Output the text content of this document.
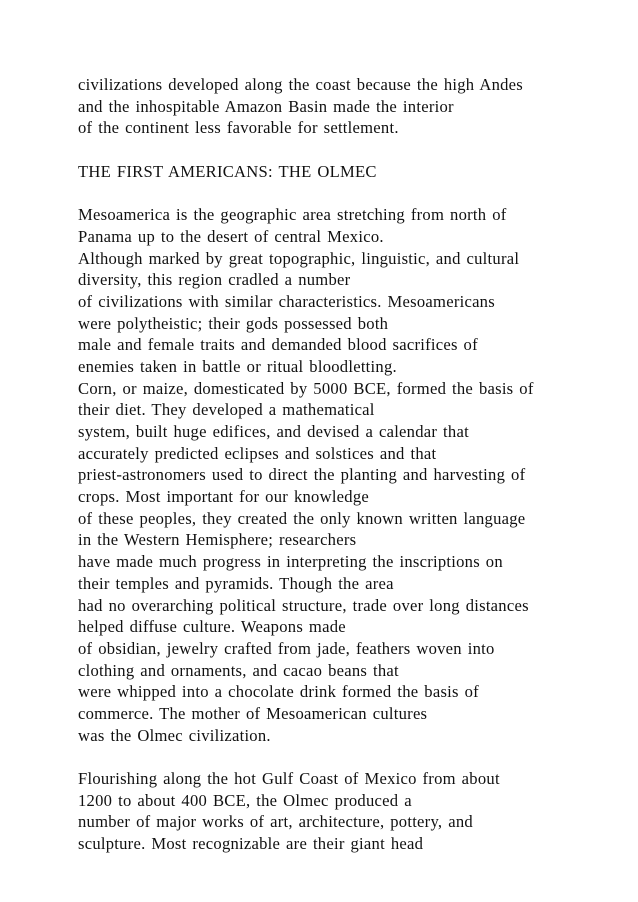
civilizations developed along the coast because the high Andes
and the inhospitable Amazon Basin made the interior
of the continent less favorable for settlement.
THE FIRST AMERICANS: THE OLMEC
Mesoamerica is the geographic area stretching from north of
Panama up to the desert of central Mexico.
Although marked by great topographic, linguistic, and cultural
diversity, this region cradled a number
of civilizations with similar characteristics. Mesoamericans
were polytheistic; their gods possessed both
male and female traits and demanded blood sacrifices of
enemies taken in battle or ritual bloodletting.
Corn, or maize, domesticated by 5000 BCE, formed the basis of
their diet. They developed a mathematical
system, built huge edifices, and devised a calendar that
accurately predicted eclipses and solstices and that
priest-astronomers used to direct the planting and harvesting of
crops. Most important for our knowledge
of these peoples, they created the only known written language
in the Western Hemisphere; researchers
have made much progress in interpreting the inscriptions on
their temples and pyramids. Though the area
had no overarching political structure, trade over long distances
helped diffuse culture. Weapons made
of obsidian, jewelry crafted from jade, feathers woven into
clothing and ornaments, and cacao beans that
were whipped into a chocolate drink formed the basis of
commerce. The mother of Mesoamerican cultures
was the Olmec civilization.
Flourishing along the hot Gulf Coast of Mexico from about
1200 to about 400 BCE, the Olmec produced a
number of major works of art, architecture, pottery, and
sculpture. Most recognizable are their giant head
